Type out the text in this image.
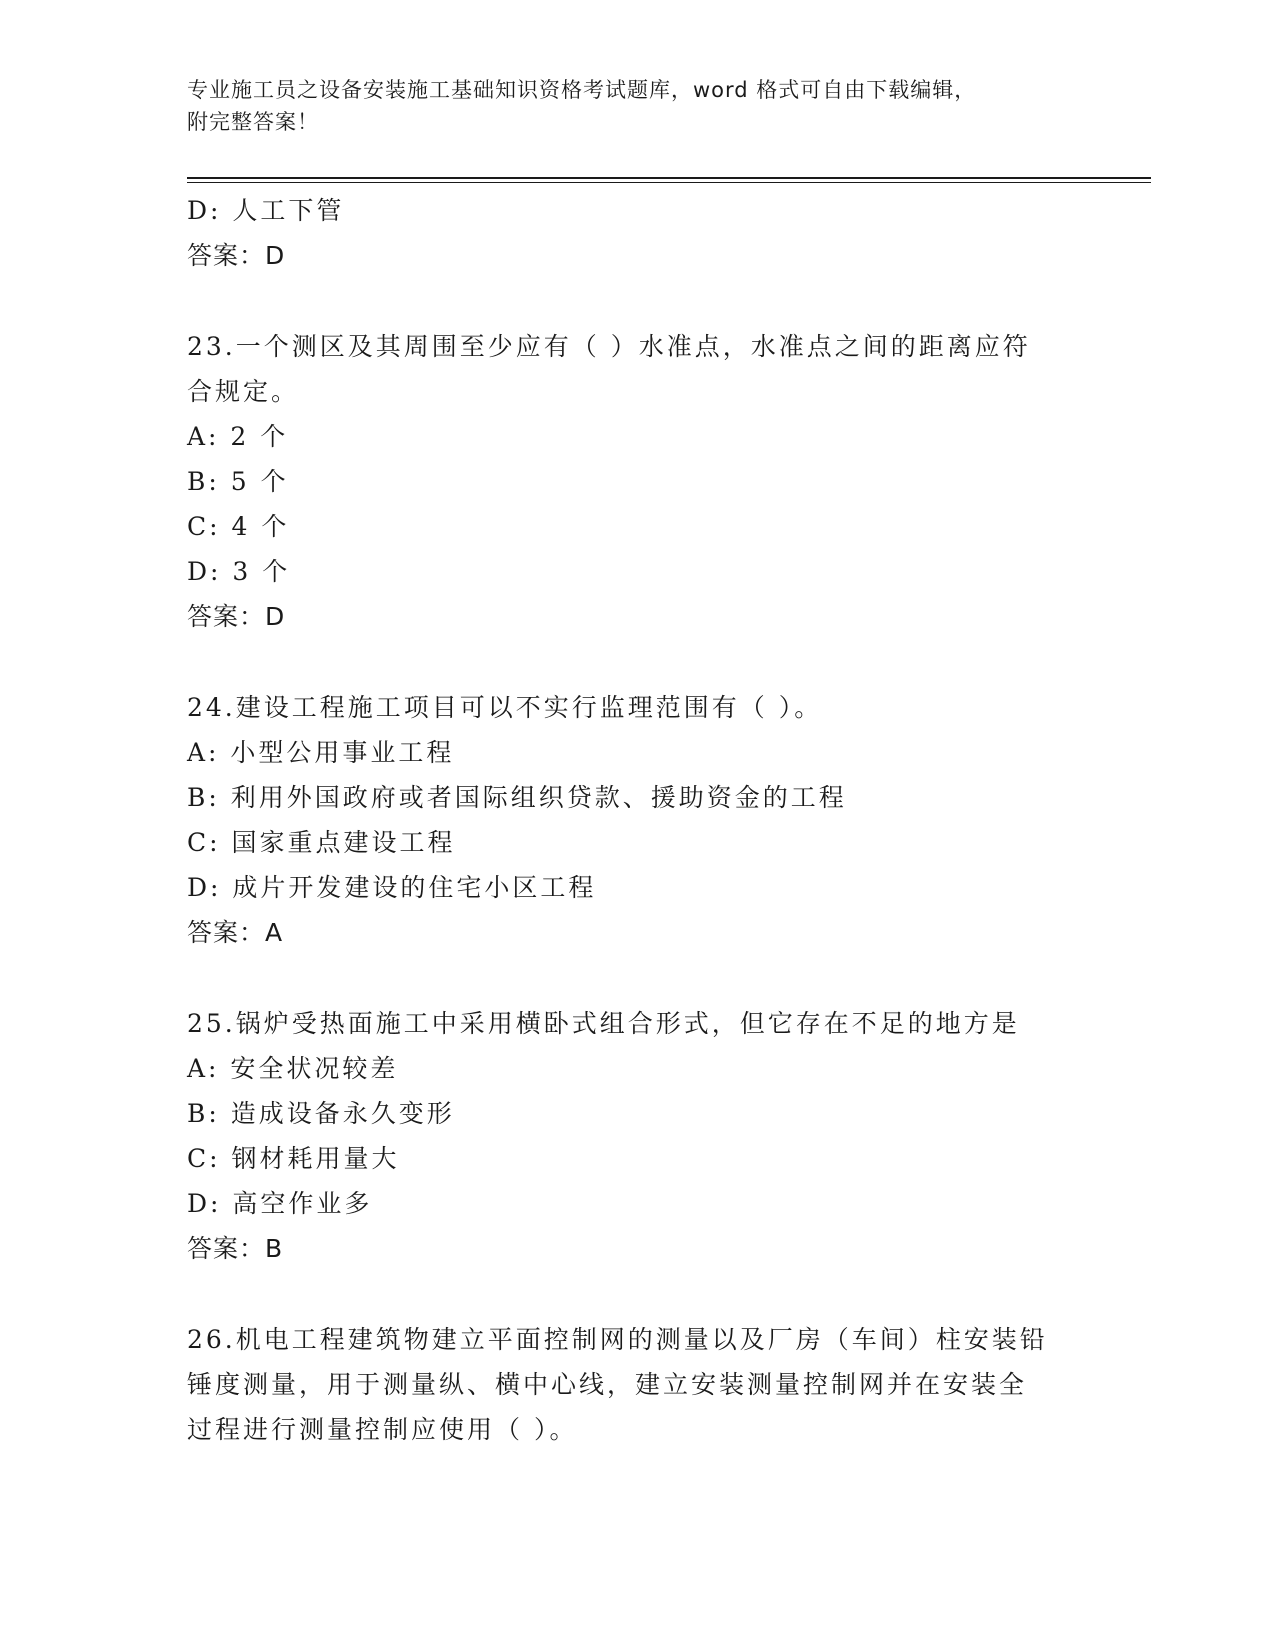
专业施工员之设备安装施工基础知识资格考试题库，word 格式可自由下载编辑，
附完整答案！
D: 人工下管
答案：D
23.一个测区及其周围至少应有（ ）水准点，水准点之间的距离应符
合规定。
A: 2 个
B: 5 个
C: 4 个
D: 3 个
答案：D
24.建设工程施工项目可以不实行监理范围有（ ）。
A: 小型公用事业工程
B: 利用外国政府或者国际组织贷款、援助资金的工程
C: 国家重点建设工程
D: 成片开发建设的住宅小区工程
答案：A
25.锅炉受热面施工中采用横卧式组合形式，但它存在不足的地方是
A: 安全状况较差
B: 造成设备永久变形
C: 钢材耗用量大
D: 高空作业多
答案：B
26.机电工程建筑物建立平面控制网的测量以及厂房（车间）柱安装铅
锤度测量，用于测量纵、横中心线，建立安装测量控制网并在安装全
过程进行测量控制应使用（ ）。
